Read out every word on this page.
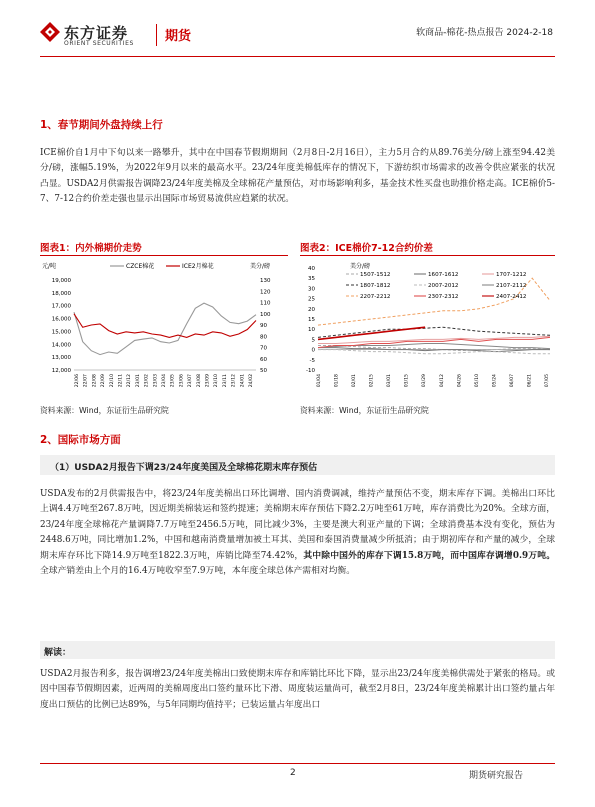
东方证券
ORIENT SECURITIES 期货	软商品-棉花-热点报告 2024-2-18
1、春节期间外盘持续上行
ICE棉价自1月中下旬以来一路攀升，其中在中国春节假期期间（2月8日-2月16日），主力5月合约从89.76美分/磅上涨至94.42美分/磅，涨幅5.19%，为2022年9月以来的最高水平。23/24年度美棉低库存的情况下，下游纺织市场需求的改善令供应紧张的状况凸显。USDA2月供需报告调降23/24年度美棉及全球棉花产量预估，对市场影响利多，基金技术性买盘也助推价格走高。ICE棉价5-7、7-12合约价差走强也显示出国际市场贸易流供应趋紧的状况。
图表1：内外棉期价走势
元/吨	美分/磅
CZCE棉花	ICE2月棉花
19,000
18,000
17,000
16,000
15,000
14,000
13,000
12,000
130
120
110
100
90
80
70
60
50
22/06 22/07 22/08 22/09 22/10 22/11 22/12 23/01 23/02 23/03 23/04 23/05 23/06 23/07 23/08 23/09 23/10 23/11 23/12 24/01 24/02
资料来源：Wind，东证衍生品研究院
图表2：ICE棉价7-12合约价差
美分/磅
40
35
30
25
20
15
10
5
0
-5
-10
01/04	01/18	02/01	02/15	03/01	03/15	03/29	04/12	04/26	05/10	05/24	06/07	06/21	07/05
1507-1512	1607-1612	1707-1212
1807-1812	2007-2012	2107-2112
2207-2212	2307-2312	2407-2412
资料来源：Wind，东证衍生品研究院
2、国际市场方面
（1）USDA2月报告下调23/24年度美国及全球棉花期末库存预估
USDA发布的2月供需报告中，将23/24年度美棉出口环比调增、国内消费调减，维持产量预估不变，期末库存下调。美棉出口环比上调4.4万吨至267.8万吨，因近期美棉装运和签约提速；美棉期末库存预估下降2.2万吨至61万吨，库存消费比为20%。全球方面，23/24年度全球棉花产量调降7.7万吨至2456.5万吨，同比减少3%，主要是澳大利亚产量的下调；全球消费基本没有变化，预估为2448.6万吨，同比增加1.2%，中国和越南消费量增加被土耳其、美国和泰国消费量减少所抵消；由于期初库存和产量的减少，全球期末库存环比下降14.9万吨至1822.3万吨，库销比降至74.42%，其中除中国外的库存下调15.8万吨，而中国库存调增0.9万吨。全球产销差由上个月的16.4万吨收窄至7.9万吨，本年度全球总体产需相对均衡。
解读：
USDA2月报告利多，报告调增23/24年度美棉出口致使期末库存和库销比环比下降，显示出23/24年度美棉供需处于紧张的格局。或因中国春节假期因素，近两周的美棉周度出口签约量环比下滑、周度装运量尚可，截至2月8日，23/24年度美棉累计出口签约量占年度出口预估的比例已达89%，与5年同期均值持平；已装运量占年度出口
2	期货研究报告
